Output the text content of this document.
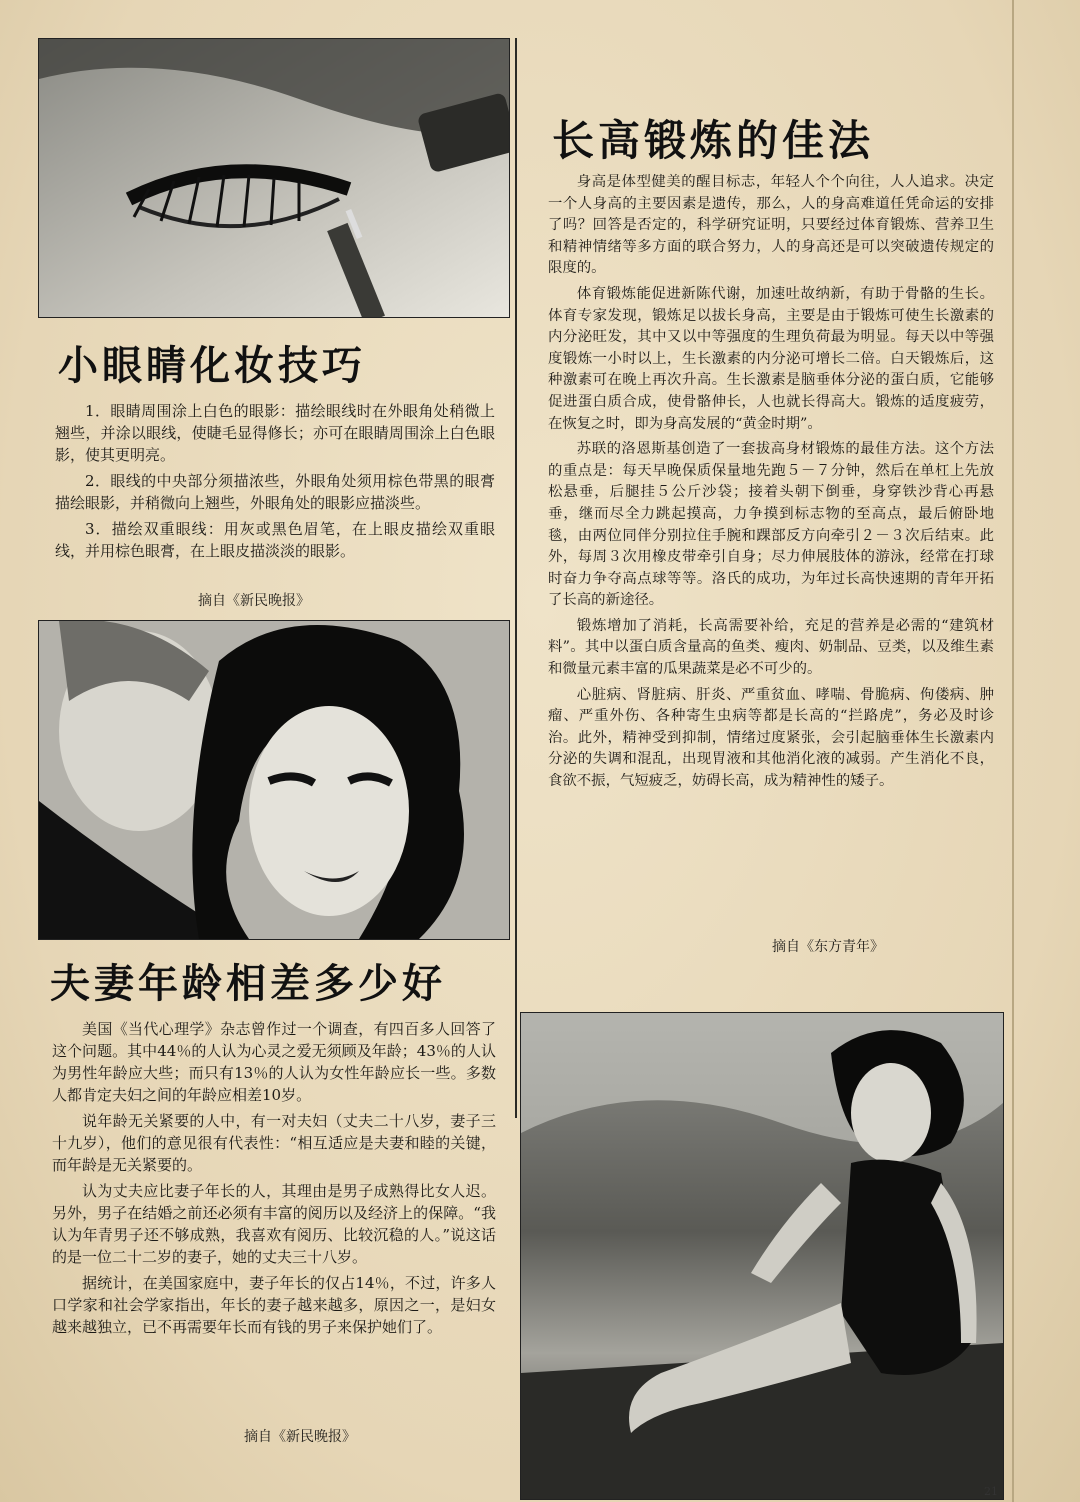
小眼睛化妆技巧

1．眼睛周围涂上白色的眼影：描绘眼线时在外眼角处稍微上翘些，并涂以眼线，使睫毛显得修长；亦可在眼睛周围涂上白色眼影，使其更明亮。

2．眼线的中央部分须描浓些，外眼角处须用棕色带黑的眼膏描绘眼影，并稍微向上翘些，外眼角处的眼影应描淡些。

3．描绘双重眼线：用灰或黑色眉笔，在上眼皮描绘双重眼线，并用棕色眼膏，在上眼皮描淡淡的眼影。

摘自《新民晚报》
夫妻年龄相差多少好

美国《当代心理学》杂志曾作过一个调查，有四百多人回答了这个问题。其中44％的人认为心灵之爱无须顾及年龄；43％的人认为男性年龄应大些；而只有13％的人认为女性年龄应长一些。多数人都肯定夫妇之间的年龄应相差10岁。

说年龄无关紧要的人中，有一对夫妇（丈夫二十八岁，妻子三十九岁），他们的意见很有代表性：“相互适应是夫妻和睦的关键，而年龄是无关紧要的。

认为丈夫应比妻子年长的人，其理由是男子成熟得比女人迟。另外，男子在结婚之前还必须有丰富的阅历以及经济上的保障。“我认为年青男子还不够成熟，我喜欢有阅历、比较沉稳的人。”说这话的是一位二十二岁的妻子，她的丈夫三十八岁。

据统计，在美国家庭中，妻子年长的仅占14％，不过，许多人口学家和社会学家指出，年长的妻子越来越多，原因之一，是妇女越来越独立，已不再需要年长而有钱的男子来保护她们了。

摘自《新民晚报》
长高锻炼的佳法

身高是体型健美的醒目标志，年轻人个个向往，人人追求。决定一个人身高的主要因素是遗传，那么，人的身高难道任凭命运的安排了吗？回答是否定的，科学研究证明，只要经过体育锻炼、营养卫生和精神情绪等多方面的联合努力，人的身高还是可以突破遗传规定的限度的。

体育锻炼能促进新陈代谢，加速吐故纳新，有助于骨骼的生长。体育专家发现，锻炼足以拔长身高，主要是由于锻炼可使生长激素的内分泌旺发，其中又以中等强度的生理负荷最为明显。每天以中等强度锻炼一小时以上，生长激素的内分泌可增长二倍。白天锻炼后，这种激素可在晚上再次升高。生长激素是脑垂体分泌的蛋白质，它能够促进蛋白质合成，使骨骼伸长，人也就长得高大。锻炼的适度疲劳，在恢复之时，即为身高发展的“黄金时期”。

苏联的洛恩斯基创造了一套拔高身材锻炼的最佳方法。这个方法的重点是：每天早晚保质保量地先跑５－７分钟，然后在单杠上先放松悬垂，后腿挂５公斤沙袋；接着头朝下倒垂，身穿铁沙背心再悬垂，继而尽全力跳起摸高，力争摸到标志物的至高点，最后俯卧地毯，由两位同伴分别拉住手腕和踝部反方向牵引２－３次后结束。此外，每周３次用橡皮带牵引自身；尽力伸展肢体的游泳，经常在打球时奋力争夺高点球等等。洛氏的成功，为年过长高快速期的青年开拓了长高的新途径。

锻炼增加了消耗，长高需要补给，充足的营养是必需的“建筑材料”。其中以蛋白质含量高的鱼类、瘦肉、奶制品、豆类，以及维生素和微量元素丰富的瓜果蔬菜是必不可少的。

心脏病、肾脏病、肝炎、严重贫血、哮喘、骨脆病、佝偻病、肿瘤、严重外伤、各种寄生虫病等都是长高的“拦路虎”，务必及时诊治。此外，精神受到抑制，情绪过度紧张，会引起脑垂体生长激素内分泌的失调和混乱，出现胃液和其他消化液的减弱。产生消化不良，食欲不振，气短疲乏，妨碍长高，成为精神性的矮子。

摘自《东方青年》
21
